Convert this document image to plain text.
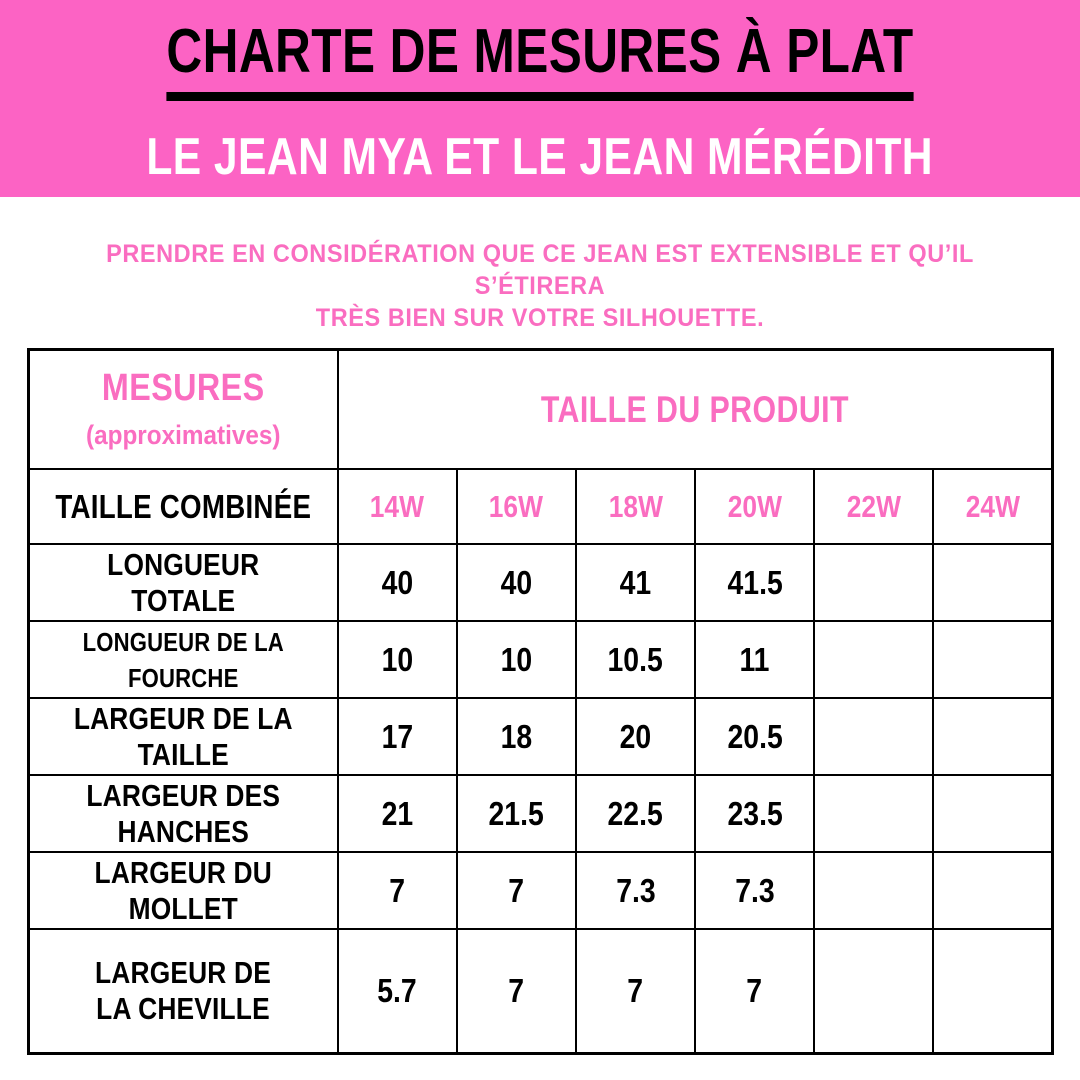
CHARTE DE MESURES À PLAT LE JEAN MYA ET LE JEAN MÉRÉDITH
PRENDRE EN CONSIDÉRATION QUE CE JEAN EST EXTENSIBLE ET QU’IL S’ÉTIRERA
TRÈS BIEN SUR VOTRE SILHOUETTE.
MESURES
(approximatives)	TAILLE DU PRODUIT					
TAILLE COMBINÉE	14W	16W	18W	20W	22W	24W
LONGUEUR TOTALE	40	40	41	41.5		
LONGUEUR DE LA FOURCHE	10	10	10.5	11		
LARGEUR DE LA TAILLE	17	18	20	20.5		
LARGEUR DES HANCHES	21	21.5	22.5	23.5		
LARGEUR DU MOLLET	7	7	7.3	7.3		
LARGEUR DE LA CHEVILLE	5.7	7	7	7		
